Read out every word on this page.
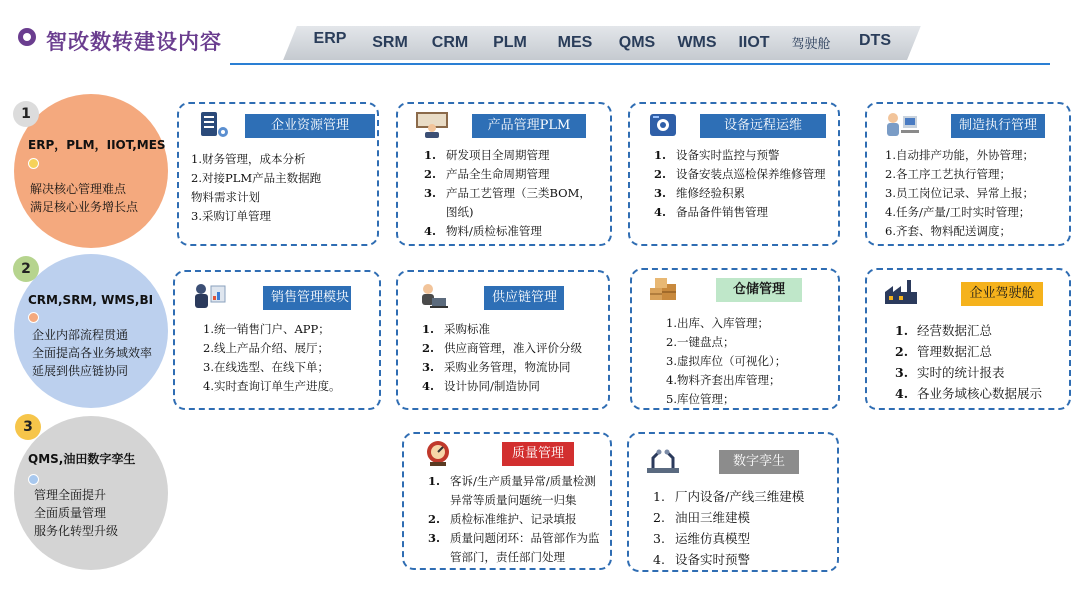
智改数转建设内容	ERP	SRM	CRM	PLM	MES	QMS	WMS	IIOT	驾驶舱	DTS
1
ERP，PLM，IIOT,MES
解决核心管理难点
满足核心业务增长点
2
CRM,SRM, WMS,BI
企业内部流程贯通
全面提高各业务域效率
延展到供应链协同
3
QMS,油田数字孪生
管理全面提升
全面质量管理
服务化转型升级
企业资源管理
1.财务管理，成本分析
2.对接PLM产品主数据跑
物料需求计划
3.采购订单管理
产品管理PLM
1. 研发项目全周期管理
2. 产品全生命周期管理
3. 产品工艺管理（三类BOM，图纸)
4. 物料/质检标准管理
设备远程运维
1. 设备实时监控与预警
2. 设备安装点巡检保养维修管理
3. 维修经验积累
4. 备品备件销售管理
制造执行管理
1.自动排产功能，外协管理；
2.各工序工艺执行管理；
3.员工岗位记录、异常上报；
4.任务/产量/工时实时管理；
6.齐套、物料配送调度；
销售管理模块
1.统一销售门户、APP；
2.线上产品介绍、展厅；
3.在线选型、在线下单；
4.实时查询订单生产进度。
供应链管理
1. 采购标准
2. 供应商管理，准入评价分级
3. 采购业务管理，物流协同
4. 设计协同/制造协同
仓储管理
1.出库、入库管理；
2.一键盘点；
3.虚拟库位（可视化）；
4.物料齐套出库管理；
5.库位管理；
企业驾驶舱
1. 经营数据汇总
2. 管理数据汇总
3. 实时的统计报表
4. 各业务域核心数据展示
质量管理
1. 客诉/生产质量异常/质量检测异常等质量问题统一归集
2. 质检标准维护、记录填报
3. 质量问题闭环：品管部作为监管部门，责任部门处理
数字孪生
1. 厂内设备/产线三维建模
2. 油田三维建模
3. 运维仿真模型
4. 设备实时预警
